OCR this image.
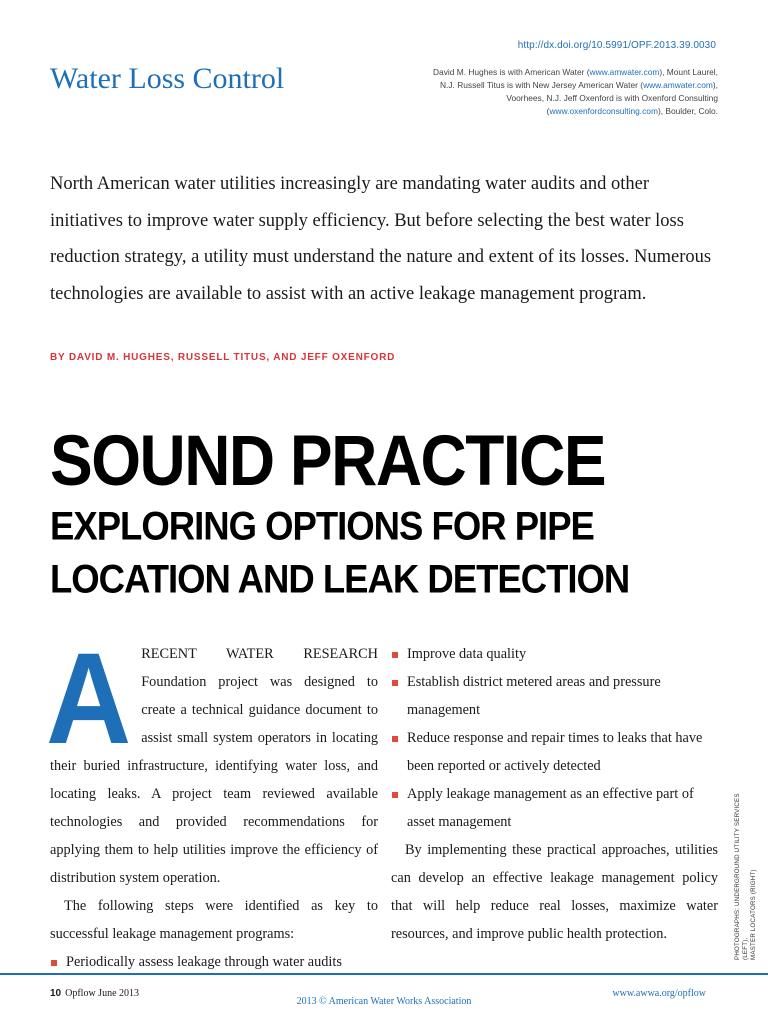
http://dx.doi.org/10.5991/OPF.2013.39.0030
Water Loss Control	David M. Hughes is with American Water (www.amwater.com), Mount Laurel, N.J. Russell Titus is with New Jersey American Water (www.amwater.com), Voorhees, N.J. Jeff Oxenford is with Oxenford Consulting (www.oxenfordconsulting.com), Boulder, Colo.

North American water utilities increasingly are mandating water audits and other initiatives to improve water supply efficiency. But before selecting the best water loss reduction strategy, a utility must understand the nature and extent of its losses. Numerous technologies are available to assist with an active leakage management program.

BY DAVID M. HUGHES, RUSSELL TITUS, AND JEFF OXENFORD
SOUND PRACTICE
EXPLORING OPTIONS FOR PIPE
LOCATION AND LEAK DETECTION
A RECENT WATER RESEARCH Foundation project was designed to create a technical guidance document to assist small system operators in locating their buried infrastructure, identifying water loss, and locating leaks. A project team reviewed available technologies and provided recommendations for applying them to help utilities improve the efficiency of distribution system operation.

The following steps were identified as key to successful leakage management programs:

Periodically assess leakage through water audits
Improve data quality
Establish district metered areas and pressure management
Reduce response and repair times to leaks that have been reported or actively detected
Apply leakage management as an effective part of asset management

By implementing these practical approaches, utilities can develop an effective leakage management policy that will help reduce real losses, maximize water resources, and improve public health protection.	PHOTOGRAPHS: UNDERGROUND UTILITY SERVICES (LEFT),
MASTER LOCATORS (RIGHT)
10 Opflow June 2013
2013 © American Water Works Association
www.awwa.org/opflow
